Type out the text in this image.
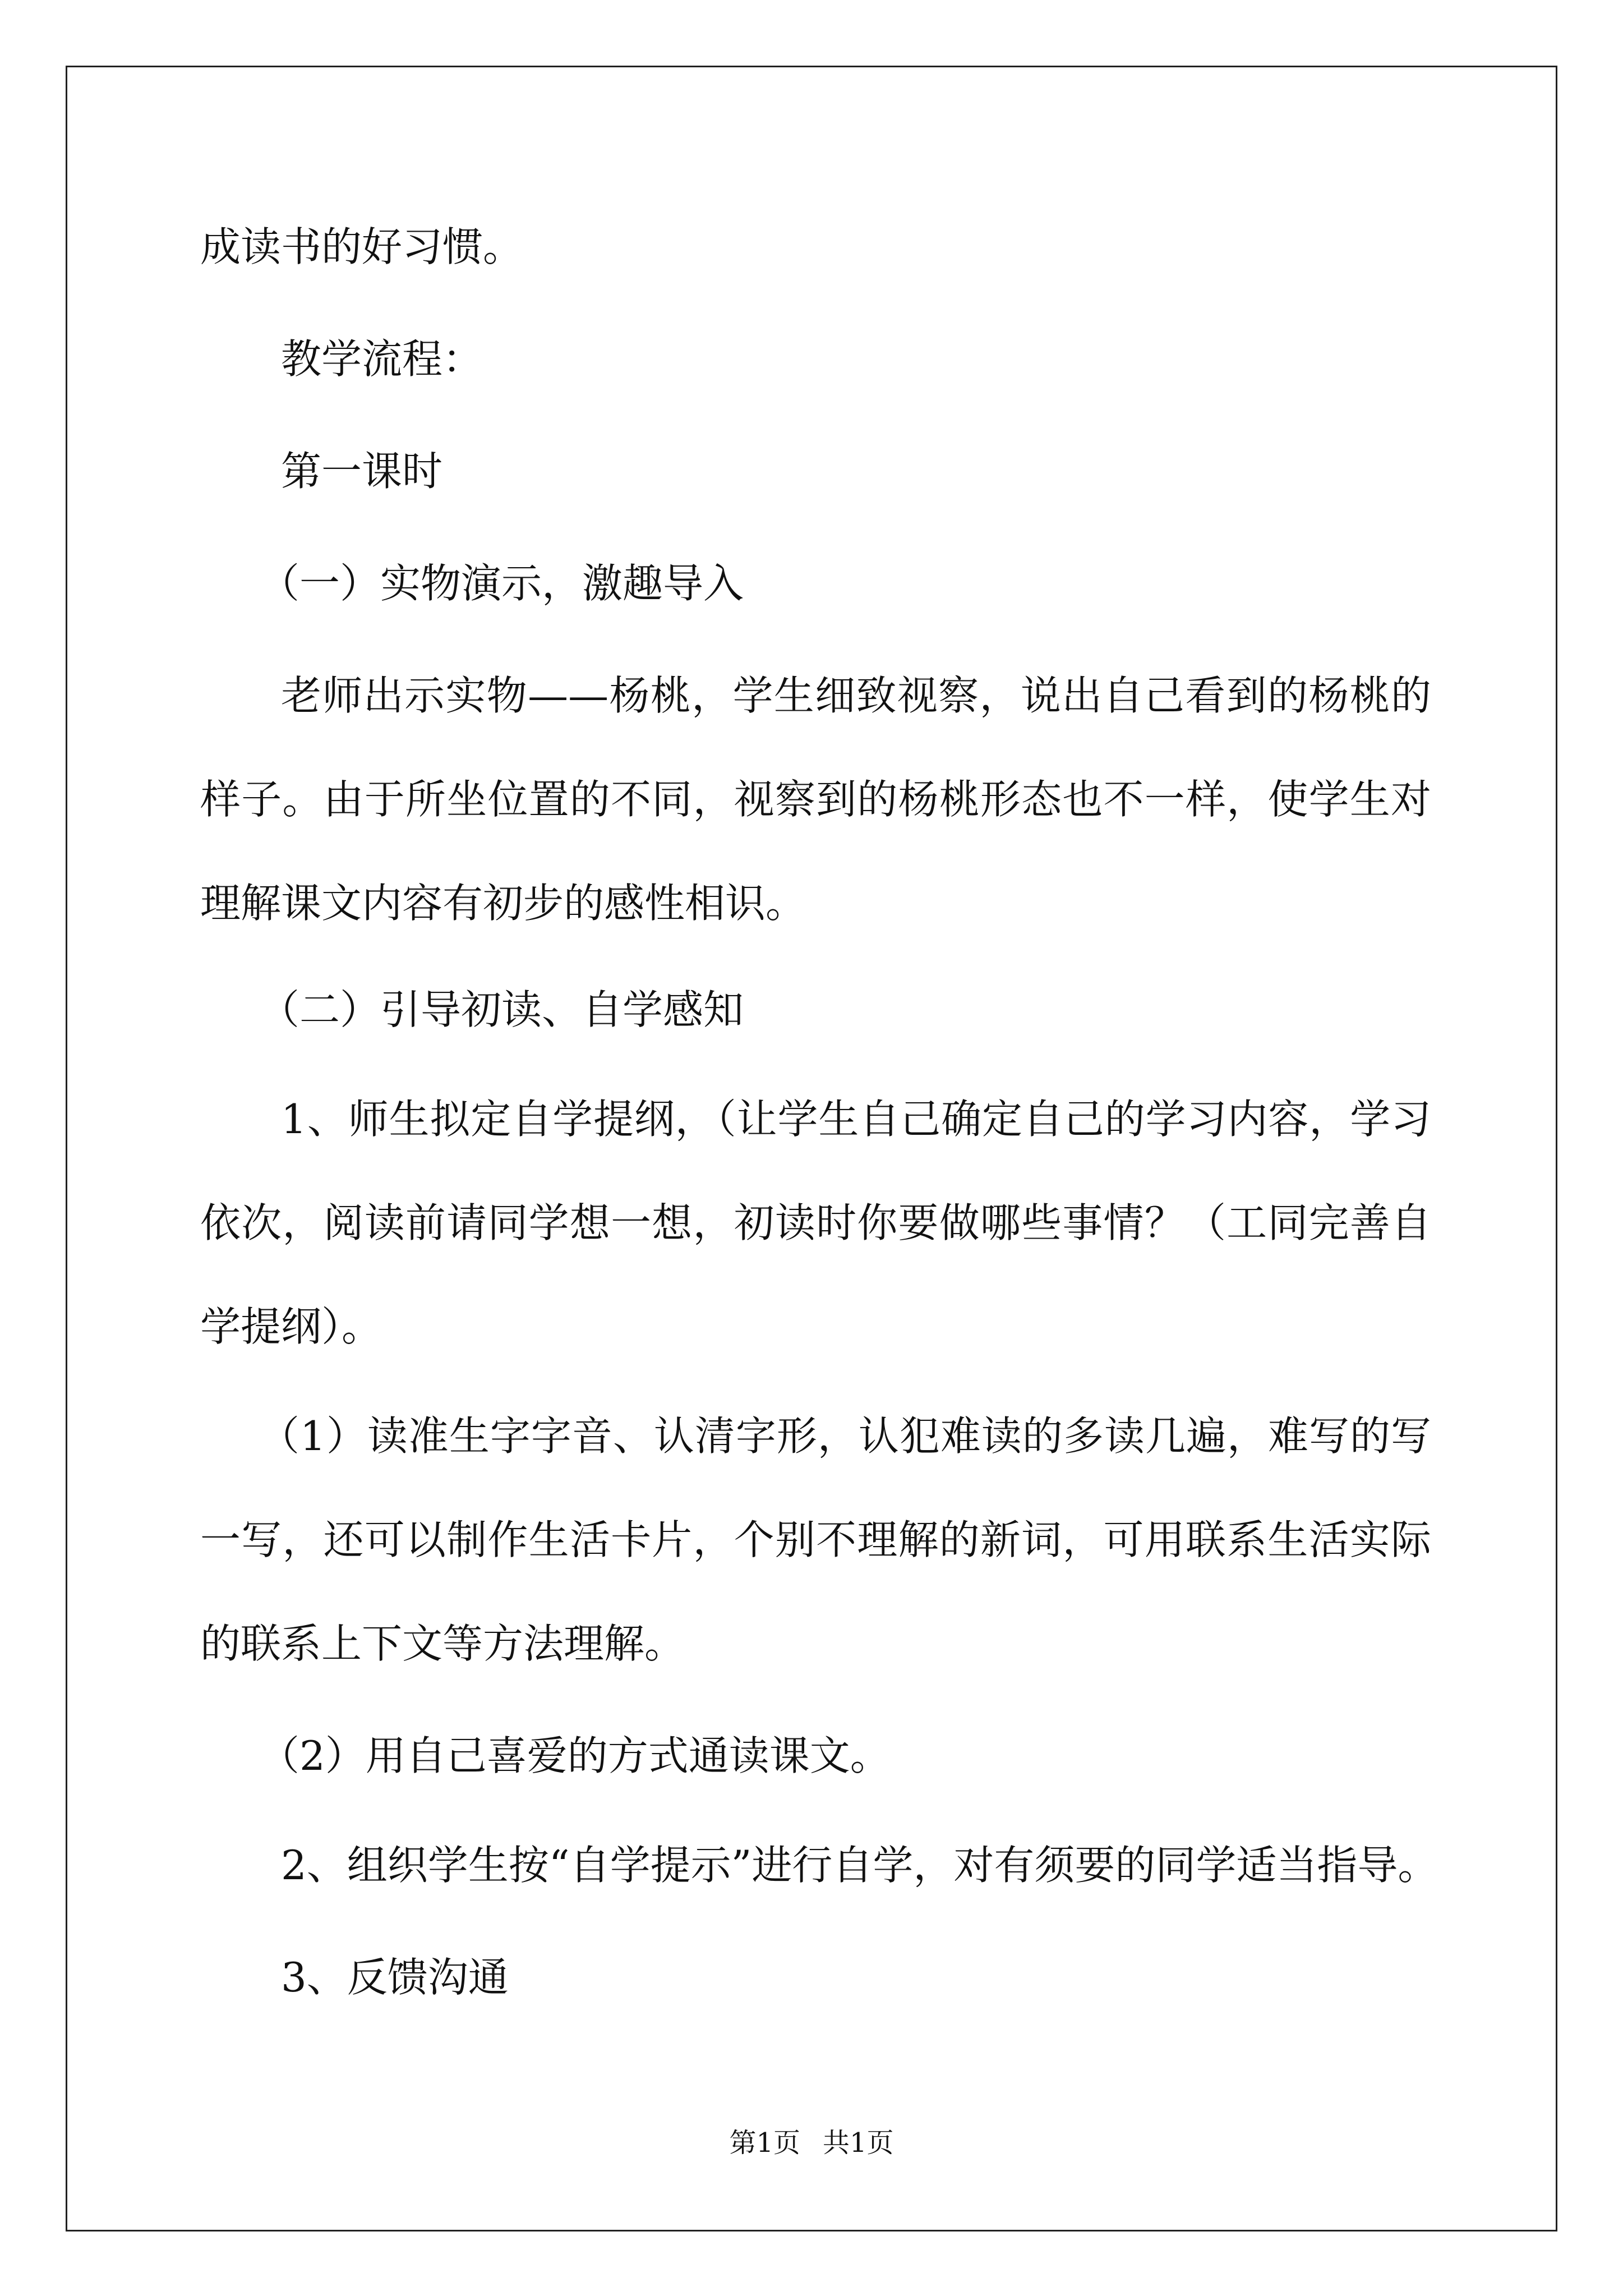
成读书的好习惯。
教学流程：
第一课时
（一）实物演示，激趣导入
老师出示实物——杨桃，学生细致视察，说出自己看到的杨桃的
样子。由于所坐位置的不同，视察到的杨桃形态也不一样，使学生对
理解课文内容有初步的感性相识。
（二）引导初读、自学感知
1、师生拟定自学提纲，（让学生自己确定自己的学习内容，学习
依次，阅读前请同学想一想，初读时你要做哪些事情？（工同完善自
学提纲）。
（1）读准生字字音、认清字形，认犯难读的多读几遍，难写的写
一写，还可以制作生活卡片，个别不理解的新词，可用联系生活实际
的联系上下文等方法理解。
（2）用自己喜爱的方式通读课文。
2、组织学生按“自学提示”进行自学，对有须要的同学适当指导。
3、反馈沟通
第1页 共1页
